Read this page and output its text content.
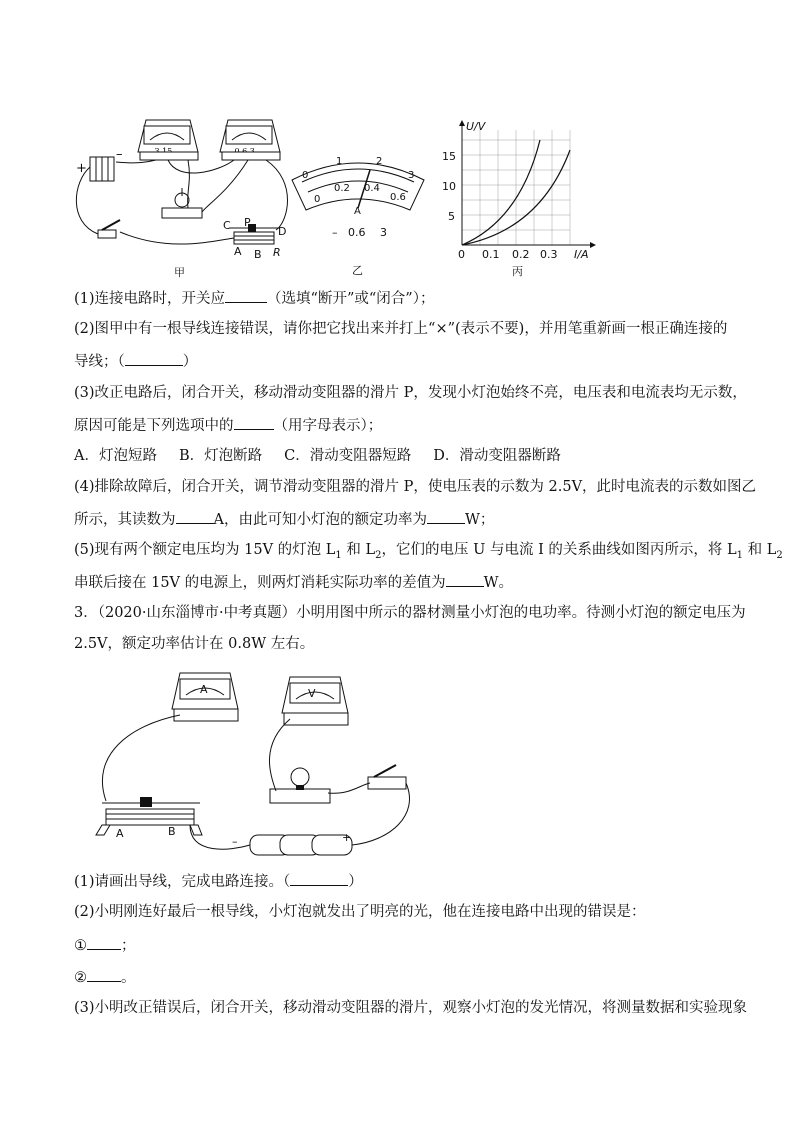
+
–
C P
D
A B R
甲
0
1	2
3
0
0.2 0.4
0.6
A
– 0.6 3
乙
U/V
I/A
15
10
5
0 0.1 0.2 0.3
丙
(1)连接电路时，开关应	（选填“断开”或“闭合”）；
(2)图甲中有一根导线连接错误，请你把它找出来并打上“×”(表示不要)，并用笔重新画一根正确连接的
导线；（	）
(3)改正电路后，闭合开关，移动滑动变阻器的滑片 P，发现小灯泡始终不亮，电压表和电流表均无示数，
原因可能是下列选项中的	（用字母表示）；
A．灯泡短路 B．灯泡断路 C．滑动变阻器短路 D．滑动变阻器断路
(4)排除故障后，闭合开关，调节滑动变阻器的滑片 P，使电压表的示数为 2.5V，此时电流表的示数如图乙
所示，其读数为	A，由此可知小灯泡的额定功率为	W；
(5)现有两个额定电压均为 15V 的灯泡 $L_1$ 和 $L_2$，它们的电压 U 与电流 I 的关系曲线如图丙所示，将 $L_1$ 和 $L_2$
串联后接在 15V 的电源上，则两灯消耗实际功率的差值为	W。
3．（2020·山东淄博市·中考真题）小明用图中所示的器材测量小灯泡的电功率。待测小灯泡的额定电压为
2.5V，额定功率估计在 0.8W 左右。
A	B
V
A
–	+
(1)请画出导线，完成电路连接。（	）
(2)小明刚连好最后一根导线，小灯泡就发出了明亮的光，他在连接电路中出现的错误是：
① ；
② 。
(3)小明改正错误后，闭合开关，移动滑动变阻器的滑片，观察小灯泡的发光情况，将测量数据和实验现象
